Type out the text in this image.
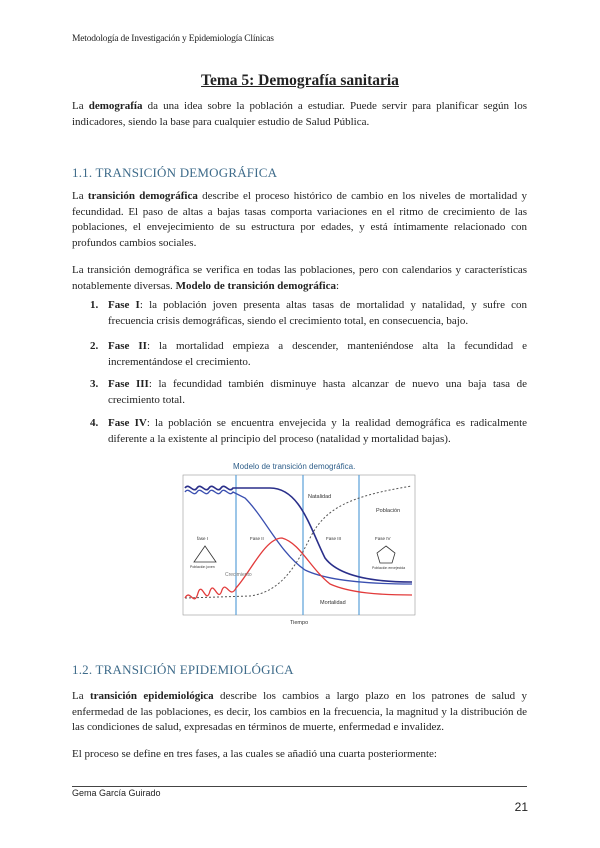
Metodología de Investigación y Epidemiología Clínicas
Tema 5: Demografía sanitaria

La demografía da una idea sobre la población a estudiar. Puede servir para planificar según los indicadores, siendo la base para cualquier estudio de Salud Pública.

1.1. TRANSICIÓN DEMOGRÁFICA

La transición demográfica describe el proceso histórico de cambio en los niveles de mortalidad y fecundidad. El paso de altas a bajas tasas comporta variaciones en el ritmo de crecimiento de las poblaciones, el envejecimiento de su estructura por edades, y está íntimamente relacionado con profundos cambios sociales.

La transición demográfica se verifica en todas las poblaciones, pero con calendarios y características notablemente diversas. Modelo de transición demográfica:

1. Fase I: la población joven presenta altas tasas de mortalidad y natalidad, y sufre con frecuencia crisis demográficas, siendo el crecimiento total, en consecuencia, bajo.
2. Fase II: la mortalidad empieza a descender, manteniéndose alta la fecundidad e incrementándose el crecimiento.
3. Fase III: la fecundidad también disminuye hasta alcanzar de nuevo una baja tasa de crecimiento total.
4. Fase IV: la población se encuentra envejecida y la realidad demográfica es radicalmente diferente a la existente al principio del proceso (natalidad y mortalidad bajas).
Modelo de transición demográfica.
Natalidad
Población
Mortalidad
Crecimiento
Tiempo
fase I	Fase II	Fase III	Fase IV
Población joven	Población envejecida
1.2. TRANSICIÓN EPIDEMIOLÓGICA

La transición epidemiológica describe los cambios a largo plazo en los patrones de salud y enfermedad de las poblaciones, es decir, los cambios en la frecuencia, la magnitud y la distribución de las condiciones de salud, expresadas en términos de muerte, enfermedad e invalidez.

El proceso se define en tres fases, a las cuales se añadió una cuarta posteriormente:

Gema García Guirado
21
